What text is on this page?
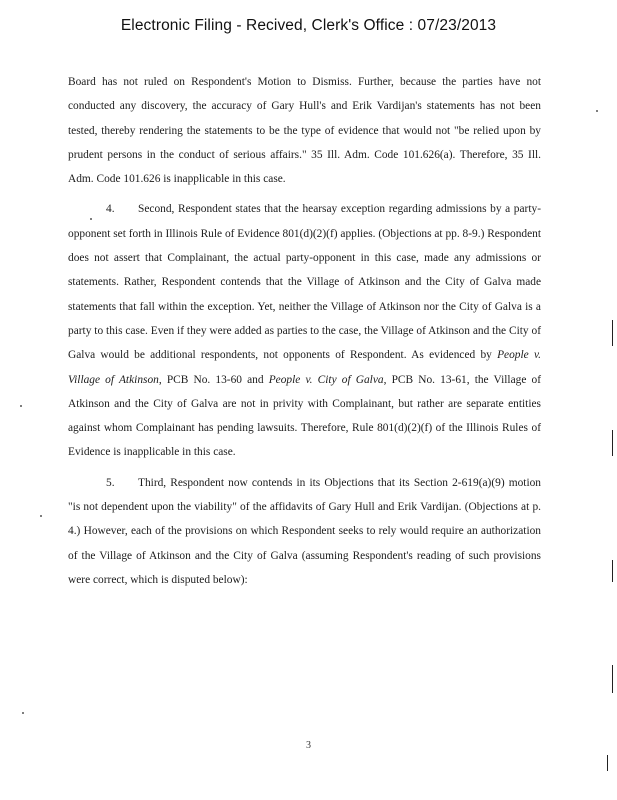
Electronic Filing - Recived, Clerk's Office : 07/23/2013

Board has not ruled on Respondent's Motion to Dismiss. Further, because the parties have not conducted any discovery, the accuracy of Gary Hull's and Erik Vardijan's statements has not been tested, thereby rendering the statements to be the type of evidence that would not "be relied upon by prudent persons in the conduct of serious affairs." 35 Ill. Adm. Code 101.626(a). Therefore, 35 Ill. Adm. Code 101.626 is inapplicable in this case.

4. Second, Respondent states that the hearsay exception regarding admissions by a party-opponent set forth in Illinois Rule of Evidence 801(d)(2)(f) applies. (Objections at pp. 8-9.) Respondent does not assert that Complainant, the actual party-opponent in this case, made any admissions or statements. Rather, Respondent contends that the Village of Atkinson and the City of Galva made statements that fall within the exception. Yet, neither the Village of Atkinson nor the City of Galva is a party to this case. Even if they were added as parties to the case, the Village of Atkinson and the City of Galva would be additional respondents, not opponents of Respondent. As evidenced by People v. Village of Atkinson, PCB No. 13-60 and People v. City of Galva, PCB No. 13-61, the Village of Atkinson and the City of Galva are not in privity with Complainant, but rather are separate entities against whom Complainant has pending lawsuits. Therefore, Rule 801(d)(2)(f) of the Illinois Rules of Evidence is inapplicable in this case.

5. Third, Respondent now contends in its Objections that its Section 2-619(a)(9) motion "is not dependent upon the viability" of the affidavits of Gary Hull and Erik Vardijan. (Objections at p. 4.) However, each of the provisions on which Respondent seeks to rely would require an authorization of the Village of Atkinson and the City of Galva (assuming Respondent's reading of such provisions were correct, which is disputed below):

3
